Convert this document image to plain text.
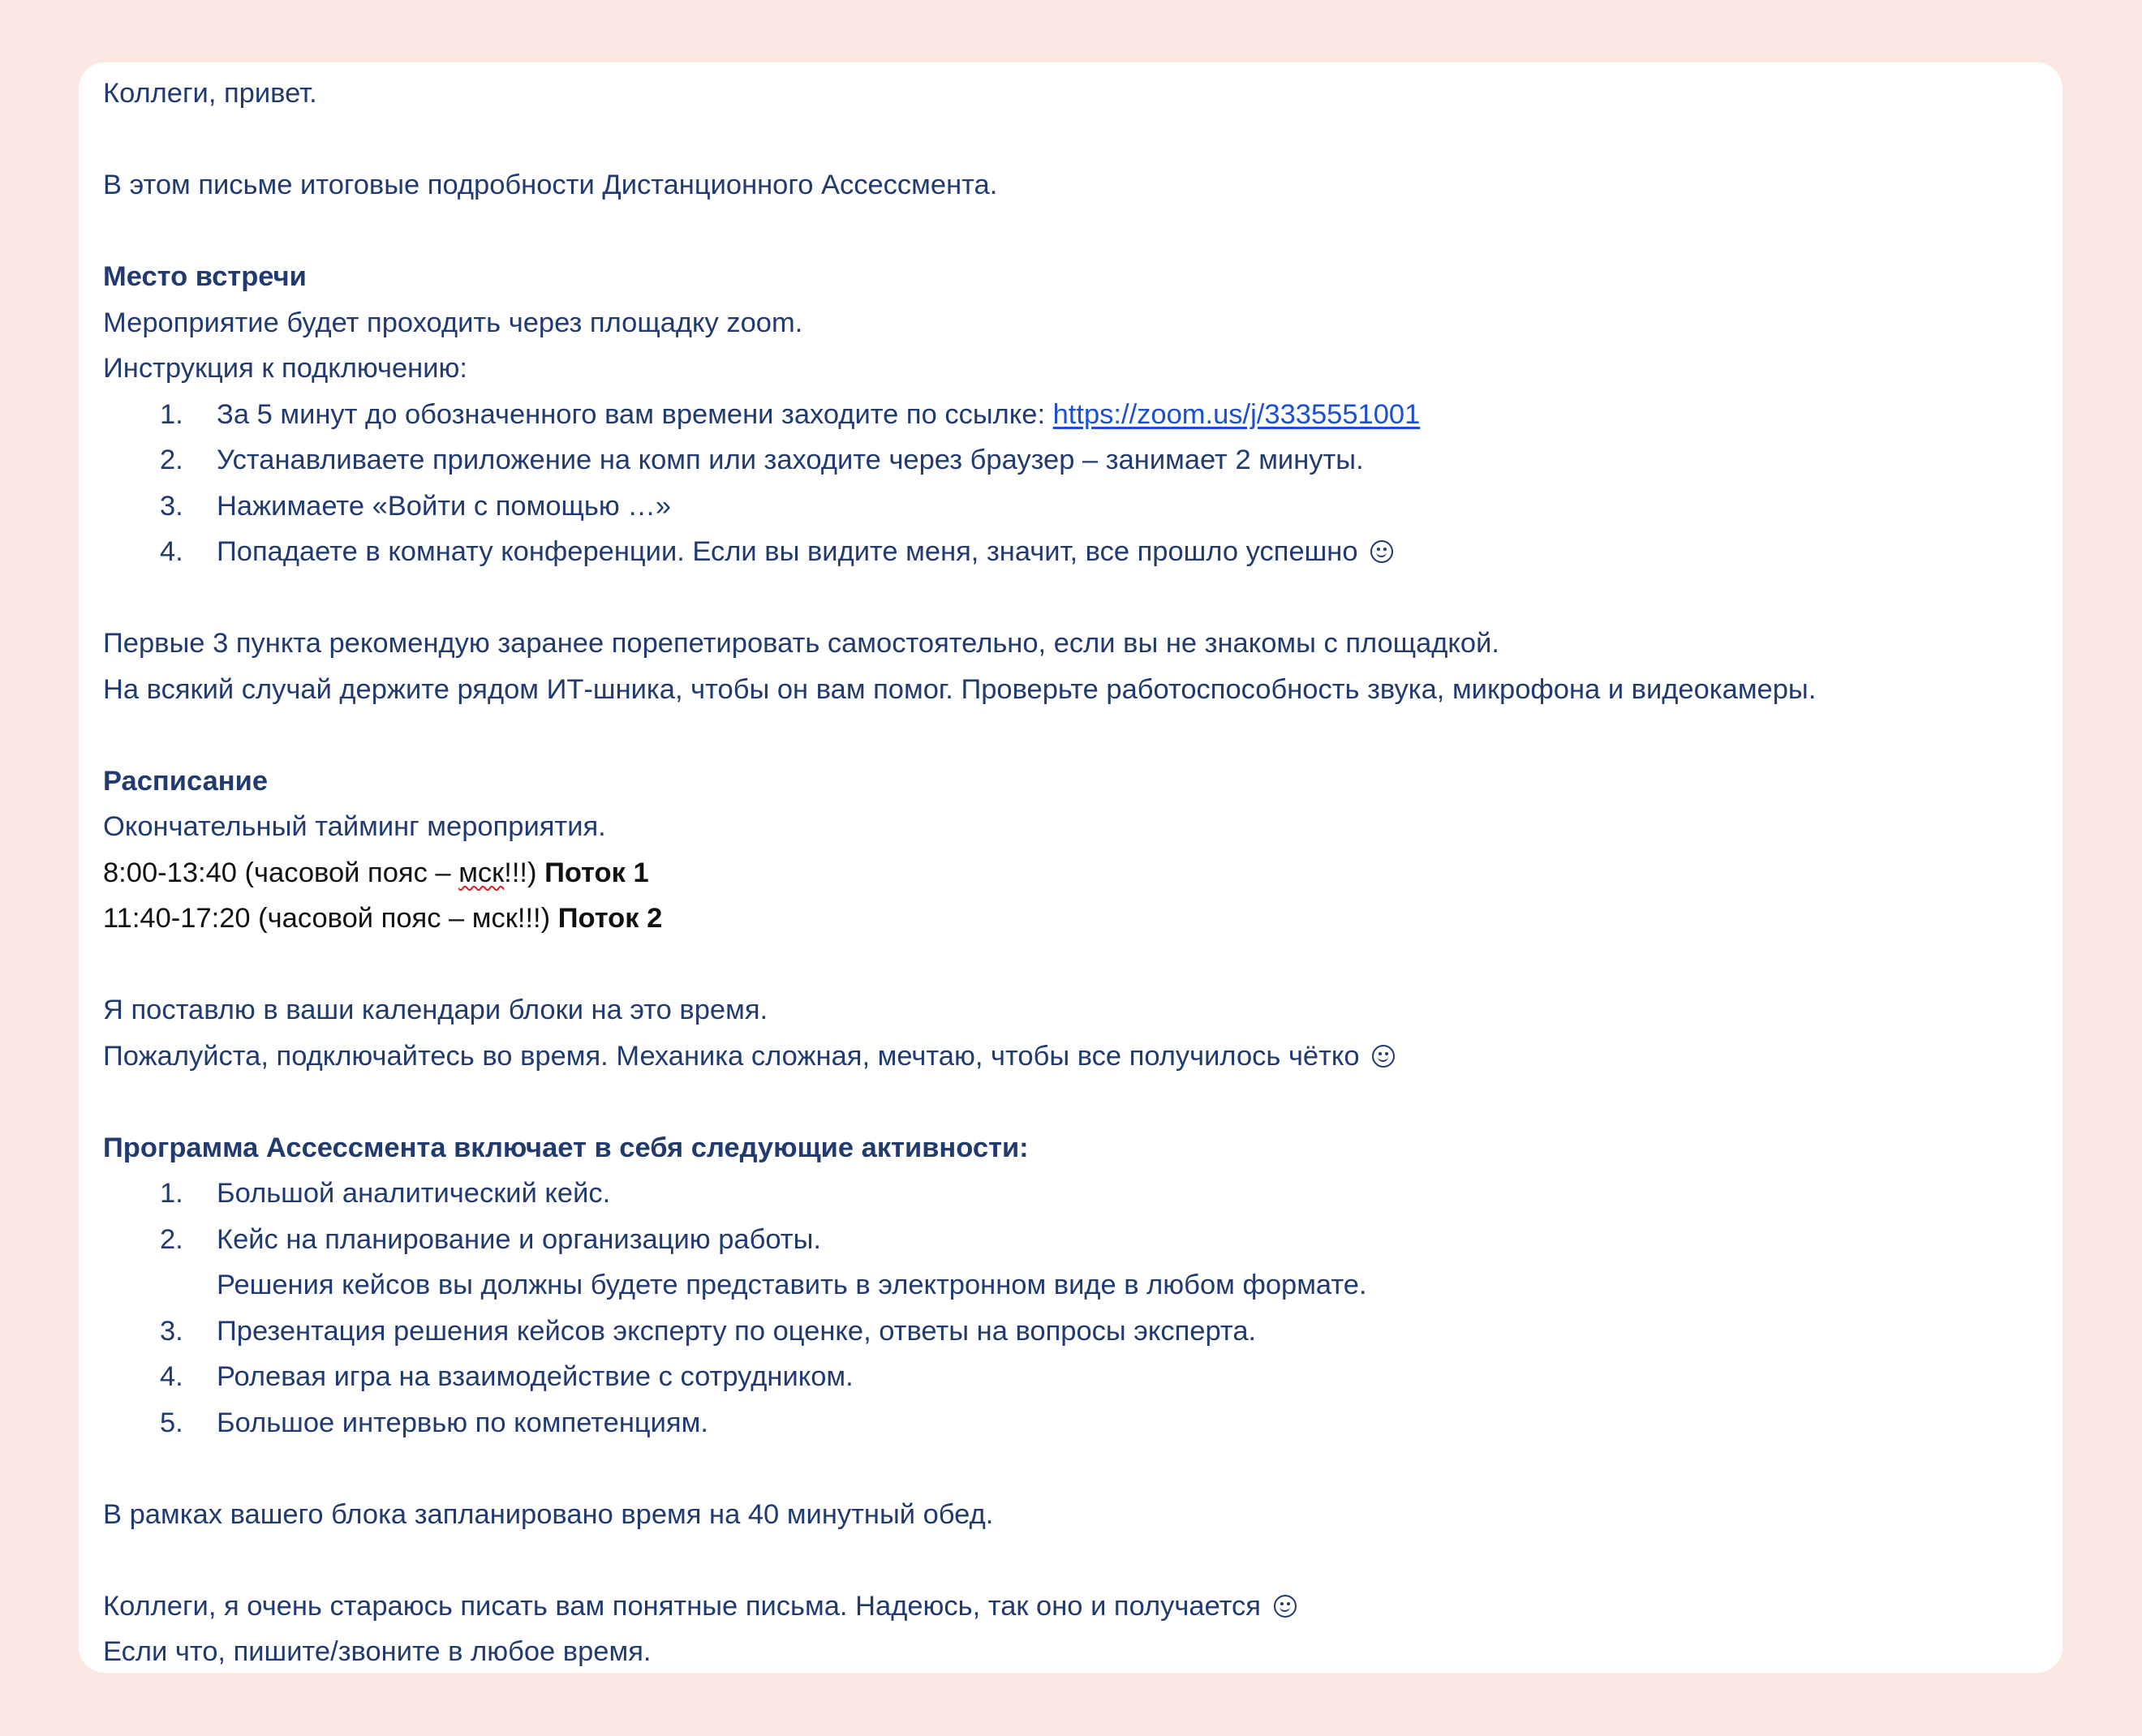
Коллеги, привет.
В этом письме итоговые подробности Дистанционного Ассессмента.
Место встречи
Мероприятие будет проходить через площадку zoom.
Инструкция к подключению:
1.	За 5 минут до обозначенного вам времени заходите по ссылке: https://zoom.us/j/3335551001
2.	Устанавливаете приложение на комп или заходите через браузер – занимает 2 минуты.
3.	Нажимаете «Войти с помощью …»
4.	Попадаете в комнату конференции. Если вы видите меня, значит, все прошло успешно
Первые 3 пункта рекомендую заранее порепетировать самостоятельно, если вы не знакомы с площадкой.
На всякий случай держите рядом ИТ-шника, чтобы он вам помог. Проверьте работоспособность звука, микрофона и видеокамеры.
Расписание
Окончательный тайминг мероприятия.
8:00-13:40 (часовой пояс – мск!!!) Поток 1
11:40-17:20 (часовой пояс – мск!!!) Поток 2
Я поставлю в ваши календари блоки на это время.
Пожалуйста, подключайтесь во время. Механика сложная, мечтаю, чтобы все получилось чётко
Программа Ассессмента включает в себя следующие активности:
1.	Большой аналитический кейс.
2.	Кейс на планирование и организацию работы.
Решения кейсов вы должны будете представить в электронном виде в любом формате.
3.	Презентация решения кейсов эксперту по оценке, ответы на вопросы эксперта.
4.	Ролевая игра на взаимодействие с сотрудником.
5.	Большое интервью по компетенциям.
В рамках вашего блока запланировано время на 40 минутный обед.
Коллеги, я очень стараюсь писать вам понятные письма. Надеюсь, так оно и получается
Если что, пишите/звоните в любое время.
